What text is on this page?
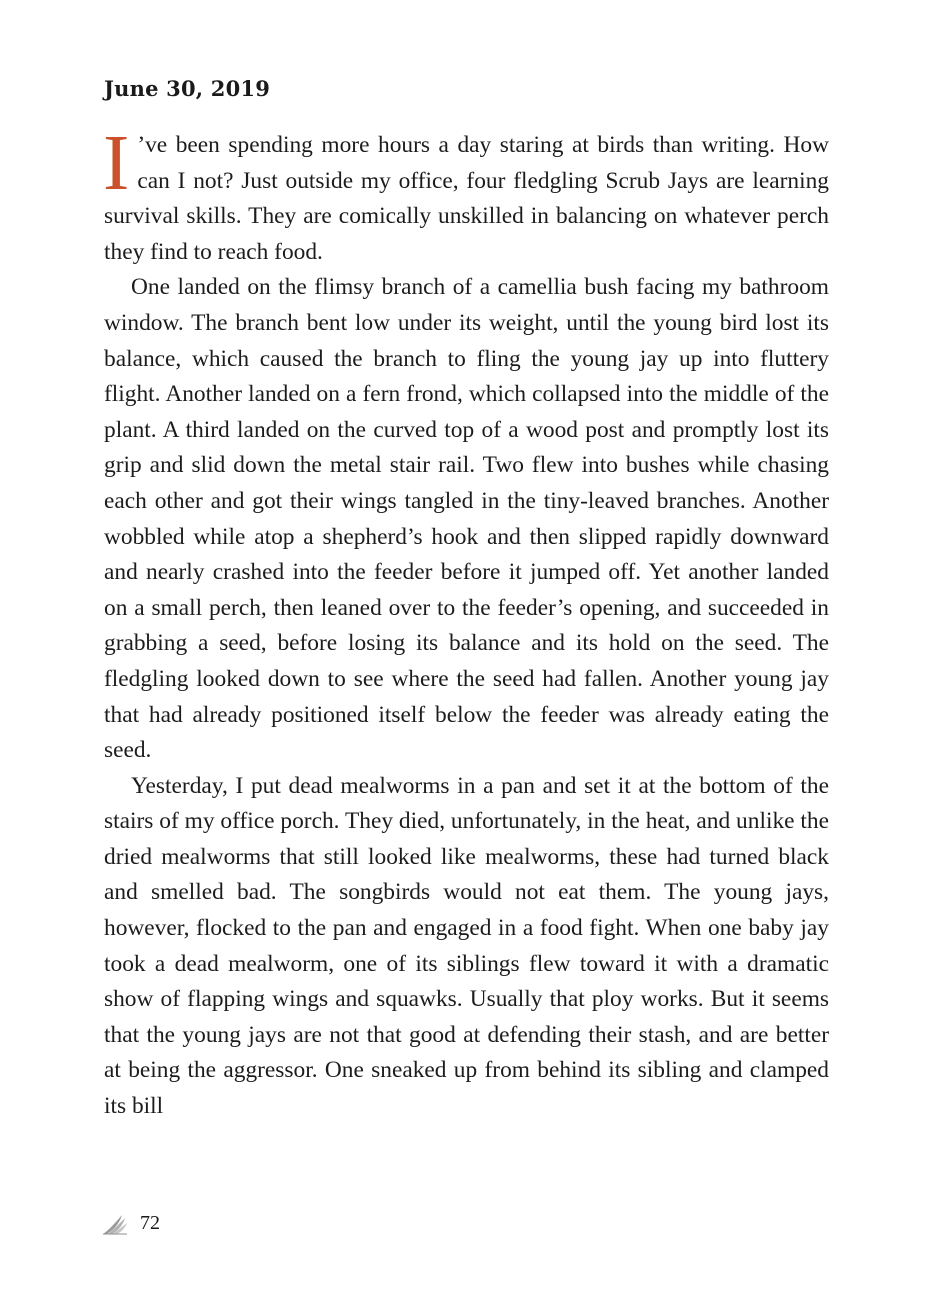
June 30, 2019

I ’ve been spending more hours a day staring at birds than writing. How can I not? Just outside my office, four fledgling Scrub Jays are learning survival skills. They are comically unskilled in balancing on whatever perch they find to reach food.

One landed on the flimsy branch of a camellia bush facing my bathroom window. The branch bent low under its weight, until the young bird lost its balance, which caused the branch to fling the young jay up into fluttery flight. Another landed on a fern frond, which collapsed into the middle of the plant. A third landed on the curved top of a wood post and promptly lost its grip and slid down the metal stair rail. Two flew into bushes while chasing each other and got their wings tangled in the tiny-leaved branches. Another wobbled while atop a shepherd’s hook and then slipped rapidly downward and nearly crashed into the feeder before it jumped off. Yet another landed on a small perch, then leaned over to the feeder’s opening, and succeeded in grabbing a seed, before losing its balance and its hold on the seed. The fledgling looked down to see where the seed had fallen. Another young jay that had already positioned itself below the feeder was already eating the seed.

Yesterday, I put dead mealworms in a pan and set it at the bottom of the stairs of my office porch. They died, unfortunately, in the heat, and unlike the dried mealworms that still looked like mealworms, these had turned black and smelled bad. The songbirds would not eat them. The young jays, however, flocked to the pan and engaged in a food fight. When one baby jay took a dead mealworm, one of its siblings flew toward it with a dramatic show of flapping wings and squawks. Usually that ploy works. But it seems that the young jays are not that good at defending their stash, and are better at being the aggressor. One sneaked up from behind its sibling and clamped its bill

72
